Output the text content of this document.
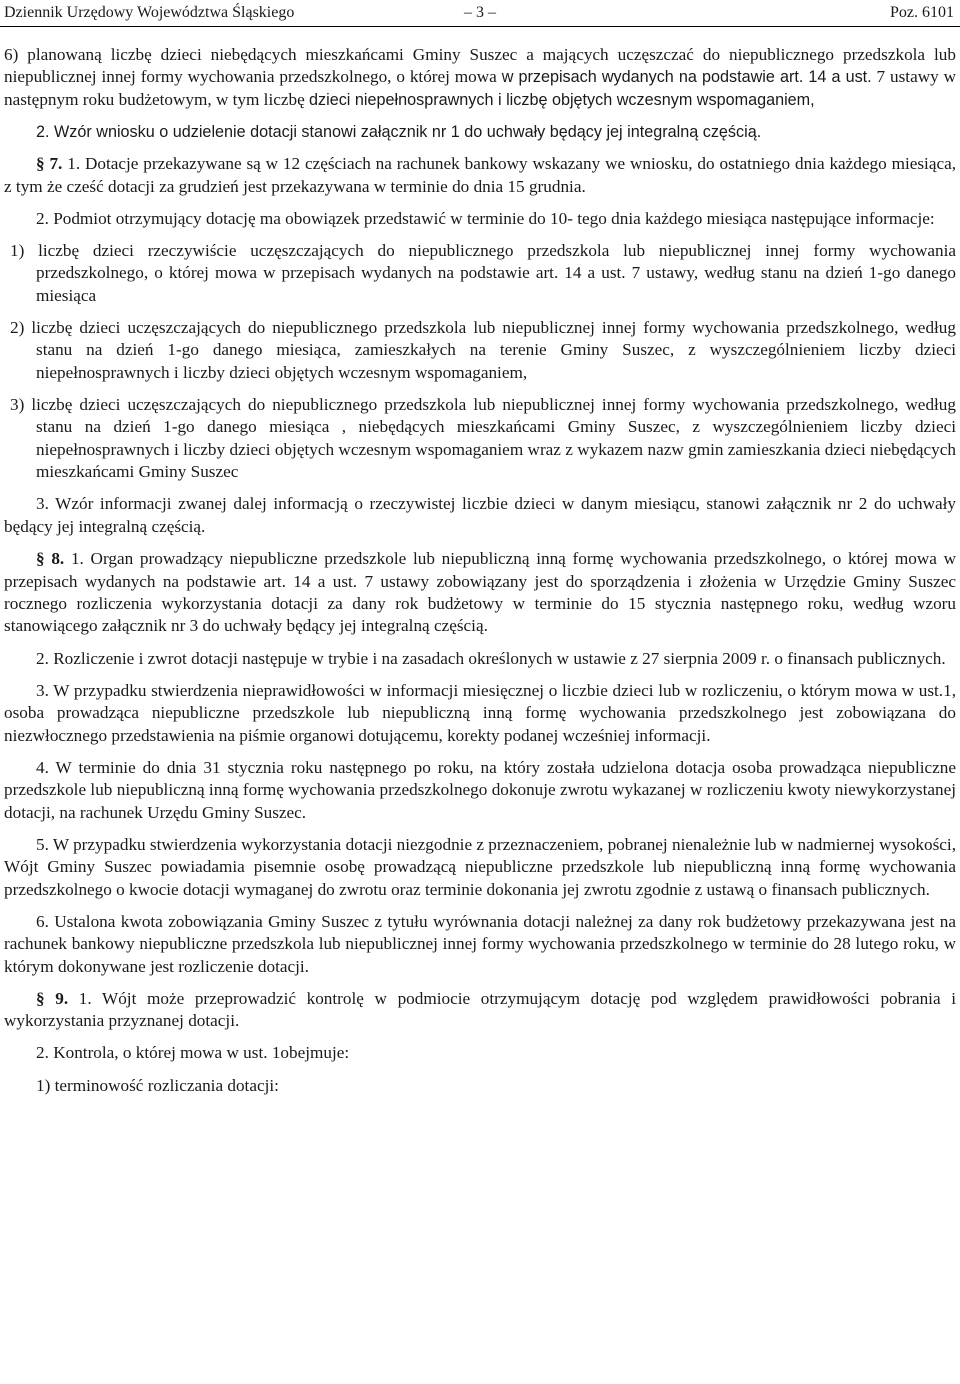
Dziennik Urzędowy Województwa Śląskiego	– 3 –	Poz. 6101

6) planowaną liczbę dzieci niebędących mieszkańcami Gminy Suszec a mających uczęszczać do niepublicznego przedszkola lub niepublicznej innej formy wychowania przedszkolnego, o której mowa w przepisach wydanych na podstawie art. 14 a ust. 7 ustawy w następnym roku budżetowym, w tym liczbę dzieci niepełnosprawnych i liczbę objętych wczesnym wspomaganiem,

2. Wzór wniosku o udzielenie dotacji stanowi załącznik nr 1 do uchwały będący jej integralną częścią.

§ 7. 1. Dotacje przekazywane są w 12 częściach na rachunek bankowy wskazany we wniosku, do ostatniego dnia każdego miesiąca, z tym że cześć dotacji za grudzień jest przekazywana w terminie do dnia 15 grudnia.

2. Podmiot otrzymujący dotację ma obowiązek przedstawić w terminie do 10- tego dnia każdego miesiąca następujące informacje:

1) liczbę dzieci rzeczywiście uczęszczających do niepublicznego przedszkola lub niepublicznej innej formy wychowania przedszkolnego, o której mowa w przepisach wydanych na podstawie art. 14 a ust. 7 ustawy, według stanu na dzień 1-go danego miesiąca

2) liczbę dzieci uczęszczających do niepublicznego przedszkola lub niepublicznej innej formy wychowania przedszkolnego, według stanu na dzień 1-go danego miesiąca, zamieszkałych na terenie Gminy Suszec, z wyszczególnieniem liczby dzieci niepełnosprawnych i liczby dzieci objętych wczesnym wspomaganiem,

3) liczbę dzieci uczęszczających do niepublicznego przedszkola lub niepublicznej innej formy wychowania przedszkolnego, według stanu na dzień 1-go danego miesiąca , niebędących mieszkańcami Gminy Suszec, z wyszczególnieniem liczby dzieci niepełnosprawnych i liczby dzieci objętych wczesnym wspomaganiem wraz z wykazem nazw gmin zamieszkania dzieci niebędących mieszkańcami Gminy Suszec

3. Wzór informacji zwanej dalej informacją o rzeczywistej liczbie dzieci w danym miesiącu, stanowi załącznik nr 2 do uchwały będący jej integralną częścią.

§ 8. 1. Organ prowadzący niepubliczne przedszkole lub niepubliczną inną formę wychowania przedszkolnego, o której mowa w przepisach wydanych na podstawie art. 14 a ust. 7 ustawy zobowiązany jest do sporządzenia i złożenia w Urzędzie Gminy Suszec rocznego rozliczenia wykorzystania dotacji za dany rok budżetowy w terminie do 15 stycznia następnego roku, według wzoru stanowiącego załącznik nr 3 do uchwały będący jej integralną częścią.

2. Rozliczenie i zwrot dotacji następuje w trybie i na zasadach określonych w ustawie z 27 sierpnia 2009 r. o finansach publicznych.

3. W przypadku stwierdzenia nieprawidłowości w informacji miesięcznej o liczbie dzieci lub w rozliczeniu, o którym mowa w ust.1, osoba prowadząca niepubliczne przedszkole lub niepubliczną inną formę wychowania przedszkolnego jest zobowiązana do niezwłocznego przedstawienia na piśmie organowi dotującemu, korekty podanej wcześniej informacji.

4. W terminie do dnia 31 stycznia roku następnego po roku, na który została udzielona dotacja osoba prowadząca niepubliczne przedszkole lub niepubliczną inną formę wychowania przedszkolnego dokonuje zwrotu wykazanej w rozliczeniu kwoty niewykorzystanej dotacji, na rachunek Urzędu Gminy Suszec.

5. W przypadku stwierdzenia wykorzystania dotacji niezgodnie z przeznaczeniem, pobranej nienależnie lub w nadmiernej wysokości, Wójt Gminy Suszec powiadamia pisemnie osobę prowadzącą niepubliczne przedszkole lub niepubliczną inną formę wychowania przedszkolnego o kwocie dotacji wymaganej do zwrotu oraz terminie dokonania jej zwrotu zgodnie z ustawą o finansach publicznych.

6. Ustalona kwota zobowiązania Gminy Suszec z tytułu wyrównania dotacji należnej za dany rok budżetowy przekazywana jest na rachunek bankowy niepubliczne przedszkola lub niepublicznej innej formy wychowania przedszkolnego w terminie do 28 lutego roku, w którym dokonywane jest rozliczenie dotacji.

§ 9. 1. Wójt może przeprowadzić kontrolę w podmiocie otrzymującym dotację pod względem prawidłowości pobrania i wykorzystania przyznanej dotacji.

2. Kontrola, o której mowa w ust. 1obejmuje:

1) terminowość rozliczania dotacji:
